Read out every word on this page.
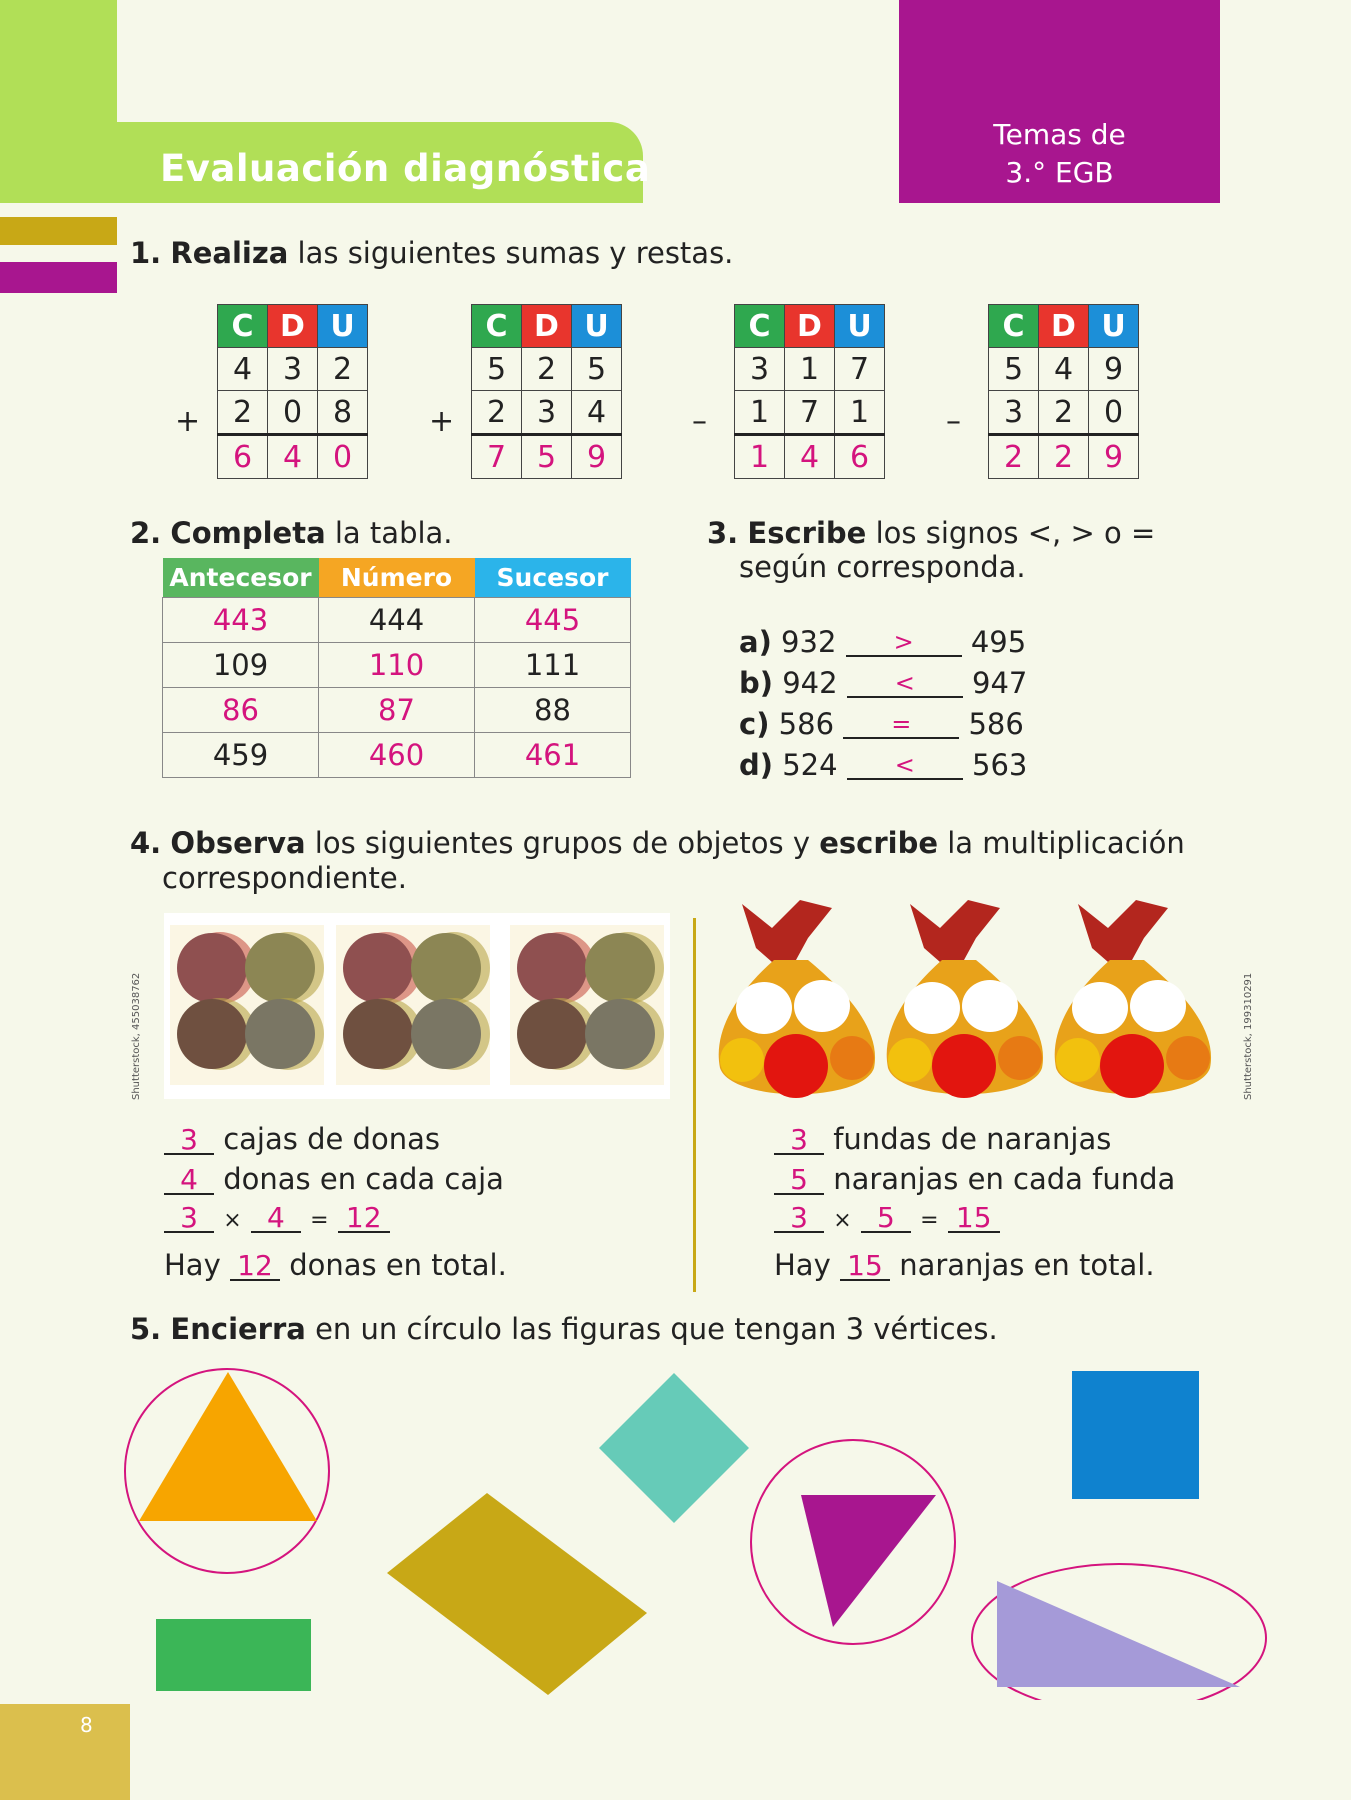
Evaluación diagnóstica
Temas de
3.° EGB
1. Realiza las siguientes sumas y restas.
+
C	D	U
4	3	2
2	0	8
6	4	0
+
C	D	U
5	2	5
2	3	4
7	5	9
–
C	D	U
3	1	7
1	7	1
1	4	6
–
C	D	U
5	4	9
3	2	0
2	2	9
2. Completa la tabla.
Antecesor	Número	Sucesor
443	444	445
109	110	111
86	87	88
459	460	461
3. Escribe los signos <, > o =
según corresponda.
a) 932 > 495
b) 942 < 947
c) 586 = 586
d) 524 < 563
4. Observa los siguientes grupos de objetos y escribe la multiplicación
correspondiente.
Shutterstock, 455038762	Shutterstock, 199310291
3 cajas de donas
4 donas en cada caja
3 × 4 = 12
Hay 12 donas en total.
3 fundas de naranjas
5 naranjas en cada funda
3 × 5 = 15
Hay 15 naranjas en total.
5. Encierra en un círculo las figuras que tengan 3 vértices.
8
